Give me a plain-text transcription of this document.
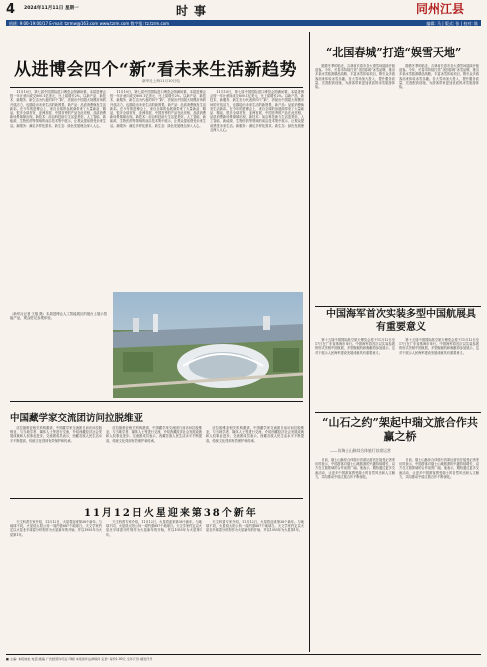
4 2024年11月11日 星期一	时事	同州江县
值班: 9:00-19:00/17 E-mail: tzrmw@163.com www.tzrm.com 数字报: tz.tzrm.com	编辑: 马 | 版式: 张 | 校对: 陈
从进博会四个“新”看未来生活新趋势
新华社上海11月10日电

11月10日，第七届中国国际进口博览会圆满闭幕。本届进博会按一年计意向成交800.1亿美元，比上届增长2%。以新产品、新技术、新服务、新生态为代表的四个“新”，折射出中国超大规模市场的开放活力，也描绘出未来生活的新图景。新产品：品质消费焕发生活新彩。在今年的进博会上，来自全球的参展商带来了大量新品、精品，很多全球首发、亚洲首展、中国首秀的产品在此亮相，品质消费新场景频频出现。新技术：前沿科技助力生活更美好。人工智能、新能源、生物医药等领域的前沿技术集中展示，让观众提前感受未来生活。新服务：满足多样化需求。新生态：绿色发展理念深入人心。

11月10日，第七届中国国际进口博览会圆满闭幕。本届进博会按一年计意向成交800.1亿美元，比上届增长2%。以新产品、新技术、新服务、新生态为代表的四个“新”，折射出中国超大规模市场的开放活力，也描绘出未来生活的新图景。新产品：品质消费焕发生活新彩。在今年的进博会上，来自全球的参展商带来了大量新品、精品，很多全球首发、亚洲首展、中国首秀的产品在此亮相，品质消费新场景频频出现。新技术：前沿科技助力生活更美好。人工智能、新能源、生物医药等领域的前沿技术集中展示，让观众提前感受未来生活。新服务：满足多样化需求。新生态：绿色发展理念深入人心。

11月10日，第七届中国国际进口博览会圆满闭幕。本届进博会按一年计意向成交800.1亿美元，比上届增长2%。以新产品、新技术、新服务、新生态为代表的四个“新”，折射出中国超大规模市场的开放活力，也描绘出未来生活的新图景。新产品：品质消费焕发生活新彩。在今年的进博会上，来自全球的参展商带来了大量新品、精品，很多全球首发、亚洲首展、中国首秀的产品在此亮相，品质消费新场景频频出现。新技术：前沿科技助力生活更美好。人工智能、新能源、生物医药等领域的前沿技术集中展示，让观众提前感受未来生活。新服务：满足多样化需求。新生态：绿色发展理念深入人心。

（新华社记者 王翔 摄）本届进博会人工智能展区的展台上展示智能产品，观众驻足参观体验。
中国藏学家交流团访问拉脱维亚

应拉脱维亚相关机构邀请，中国藏学家交流团日前访问拉脱维亚，与当地学者、媒体人士等进行交流，介绍西藏经济社会发展成就和人权事业进步。交流团成员表示，西藏各族人民生活水平不断提高，传统文化得到有效保护和传承。

应拉脱维亚相关机构邀请，中国藏学家交流团日前访问拉脱维亚，与当地学者、媒体人士等进行交流，介绍西藏经济社会发展成就和人权事业进步。交流团成员表示，西藏各族人民生活水平不断提高，传统文化得到有效保护和传承。

应拉脱维亚相关机构邀请，中国藏学家交流团日前访问拉脱维亚，与当地学者、媒体人士等进行交流，介绍西藏经济社会发展成就和人权事业进步。交流团成员表示，西藏各族人民生活水平不断提高，传统文化得到有效保护和传承。

11月12日火星迎来第38个新年

天文科普专家介绍，11月12日，火星将迎来第38个新年。与地球不同，火星绕太阳公转一周约需687个地球日。天文学家约定以火星北半球春分时刻作为火星新年的开始，并以1955年为火星第1年。

天文科普专家介绍，11月12日，火星将迎来第38个新年。与地球不同，火星绕太阳公转一周约需687个地球日。天文学家约定以火星北半球春分时刻作为火星新年的开始，并以1955年为火星第1年。

天文科普专家介绍，11月12日，火星将迎来第38个新年。与地球不同，火星绕太阳公转一周约需687个地球日。天文学家约定以火星北半球春分时刻作为火星新年的开始，并以1955年为火星第1年。

“北国春城”打造“娱雪天地”

随着冬季的临近，吉林省长春市各大滑雪场陆续开板迎客。今年，长春市持续打造“北国春城”冰雪品牌，推出多条冰雪旅游精品线路，丰富冰雪体验项目，吸引众多游客前来体验冰雪乐趣。各大雪场加大投入，提升服务质量，完善配套设施，为游客带来更加优质的冰雪旅游体验。

随着冬季的临近，吉林省长春市各大滑雪场陆续开板迎客。今年，长春市持续打造“北国春城”冰雪品牌，推出多条冰雪旅游精品线路，丰富冰雪体验项目，吸引众多游客前来体验冰雪乐趣。各大雪场加大投入，提升服务质量，完善配套设施，为游客带来更加优质的冰雪旅游体验。

中国海军首次实装多型中国航展具有重要意义

第十五届中国国际航空航天博览会将于11月12日至17日在广东省珠海市举行。中国海军将首次以实装参展的形式亮相中国航展，多型舰载机和舰艇将参加展示，这对于展示人民海军建设发展成就具有重要意义。

第十五届中国国际航空航天博览会将于11月12日至17日在广东省珠海市举行。中国海军将首次以实装参展的形式亮相中国航展，多型舰载机和舰艇将参加展示，这对于展示人民海军建设发展成就具有重要意义。

“山石之约”架起中瑞文旅合作共赢之桥
——访瑞士山脉综合体旅行首席运营

日前，瑞士山脉综合体旅行首席运营官在接受记者采访时表示，中国游客对瑞士山地旅游的兴趣持续增长，双方在文旅领域的合作前景广阔。他表示，期待通过更多交流活动，让更多中国游客感受瑞士的自然风光和人文魅力，共同推动中瑞文旅合作不断深化。

日前，瑞士山脉综合体旅行首席运营官在接受记者采访时表示，中国游客对瑞士山地旅游的兴趣持续增长，双方在文旅领域的合作前景广阔。他表示，期待通过更多交流活动，让更多中国游客感受瑞士的自然风光和人文魅力，共同推动中瑞文旅合作不断深化。

■ 主编: 本报地址 电话 邮编 广告经营许可证 印刷 本报常年法律顾问 定价: 每份1.00元 全年订价 邮发代号
